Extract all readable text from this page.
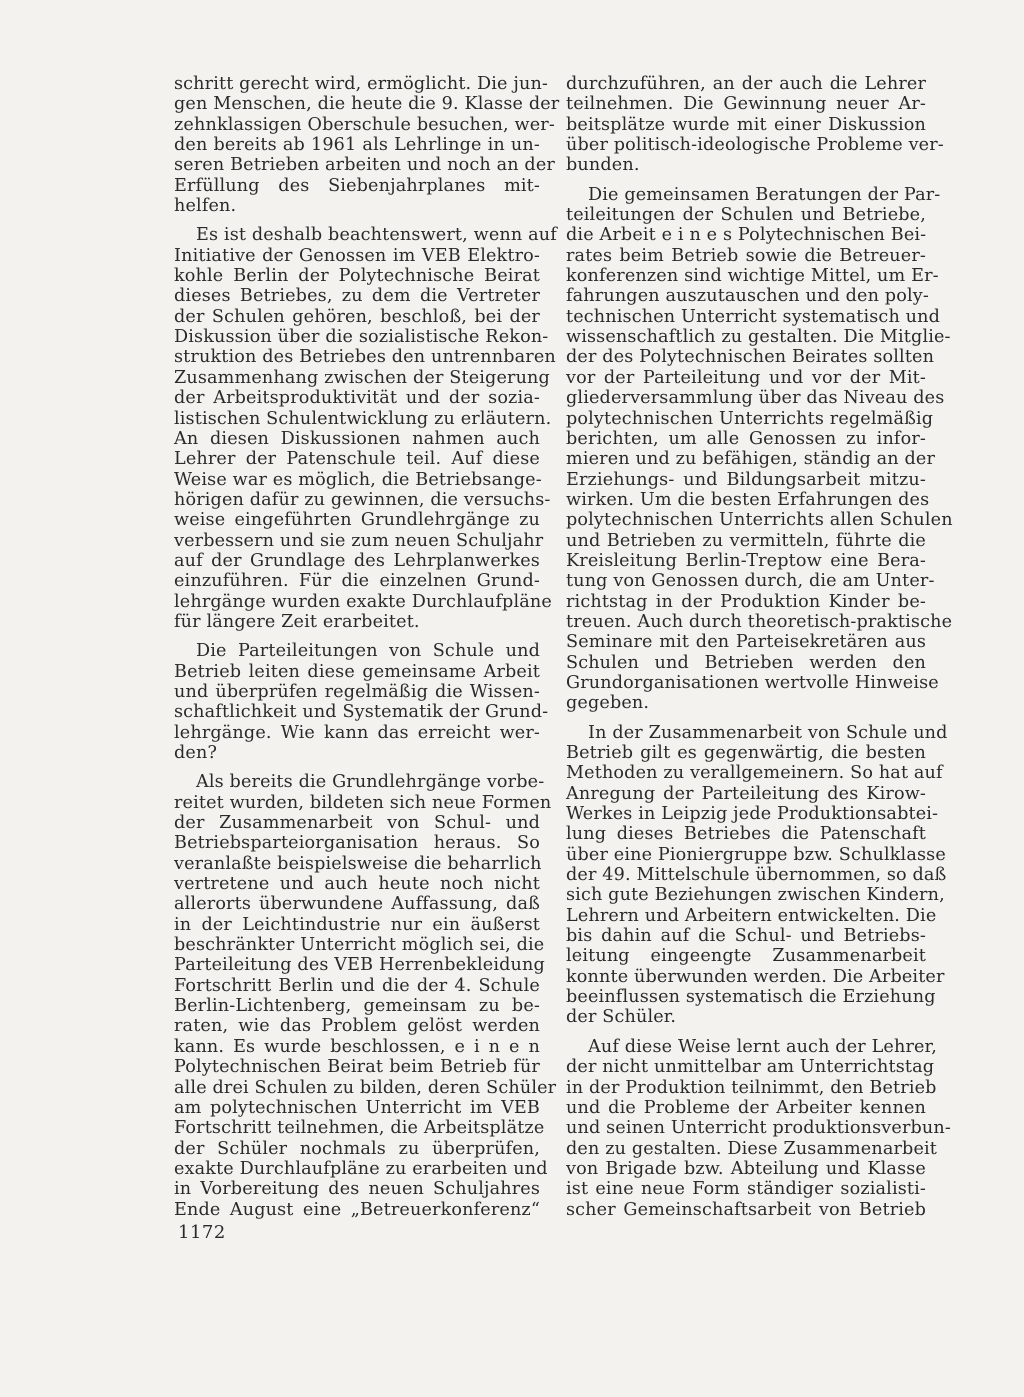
schritt gerecht wird, ermöglicht. Die jun-
gen Menschen, die heute die 9. Klasse der
zehnklassigen Oberschule besuchen, wer-
den bereits ab 1961 als Lehrlinge in un-
seren Betrieben arbeiten und noch an der
Erfüllung des Siebenjahrplanes mit-
helfen.
Es ist deshalb beachtenswert, wenn auf
Initiative der Genossen im VEB Elektro-
kohle Berlin der Polytechnische Beirat
dieses Betriebes, zu dem die Vertreter
der Schulen gehören, beschloß, bei der
Diskussion über die sozialistische Rekon-
struktion des Betriebes den untrennbaren
Zusammenhang zwischen der Steigerung
der Arbeitsproduktivität und der sozia-
listischen Schulentwicklung zu erläutern.
An diesen Diskussionen nahmen auch
Lehrer der Patenschule teil. Auf diese
Weise war es möglich, die Betriebsange-
hörigen dafür zu gewinnen, die versuchs-
weise eingeführten Grundlehrgänge zu
verbessern und sie zum neuen Schuljahr
auf der Grundlage des Lehrplanwerkes
einzuführen. Für die einzelnen Grund-
lehrgänge wurden exakte Durchlaufpläne
für längere Zeit erarbeitet.
Die Parteileitungen von Schule und
Betrieb leiten diese gemeinsame Arbeit
und überprüfen regelmäßig die Wissen-
schaftlichkeit und Systematik der Grund-
lehrgänge. Wie kann das erreicht wer-
den?
Als bereits die Grundlehrgänge vorbe-
reitet wurden, bildeten sich neue Formen
der Zusammenarbeit von Schul- und
Betriebsparteiorganisation heraus. So
veranlaßte beispielsweise die beharrlich
vertretene und auch heute noch nicht
allerorts überwundene Auffassung, daß
in der Leichtindustrie nur ein äußerst
beschränkter Unterricht möglich sei, die
Parteileitung des VEB Herrenbekleidung
Fortschritt Berlin und die der 4. Schule
Berlin-Lichtenberg, gemeinsam zu be-
raten, wie das Problem gelöst werden
kann. Es wurde beschlossen, e i n e n
Polytechnischen Beirat beim Betrieb für
alle drei Schulen zu bilden, deren Schüler
am polytechnischen Unterricht im VEB
Fortschritt teilnehmen, die Arbeitsplätze
der Schüler nochmals zu überprüfen,
exakte Durchlaufpläne zu erarbeiten und
in Vorbereitung des neuen Schuljahres
Ende August eine „Betreuerkonferenz“
durchzuführen, an der auch die Lehrer
teilnehmen. Die Gewinnung neuer Ar-
beitsplätze wurde mit einer Diskussion
über politisch-ideologische Probleme ver-
bunden.
Die gemeinsamen Beratungen der Par-
teileitungen der Schulen und Betriebe,
die Arbeit e i n e s Polytechnischen Bei-
rates beim Betrieb sowie die Betreuer-
konferenzen sind wichtige Mittel, um Er-
fahrungen auszutauschen und den poly-
technischen Unterricht systematisch und
wissenschaftlich zu gestalten. Die Mitglie-
der des Polytechnischen Beirates sollten
vor der Parteileitung und vor der Mit-
gliederversammlung über das Niveau des
polytechnischen Unterrichts regelmäßig
berichten, um alle Genossen zu infor-
mieren und zu befähigen, ständig an der
Erziehungs- und Bildungsarbeit mitzu-
wirken. Um die besten Erfahrungen des
polytechnischen Unterrichts allen Schulen
und Betrieben zu vermitteln, führte die
Kreisleitung Berlin-Treptow eine Bera-
tung von Genossen durch, die am Unter-
richtstag in der Produktion Kinder be-
treuen. Auch durch theoretisch-praktische
Seminare mit den Parteisekretären aus
Schulen und Betrieben werden den
Grundorganisationen wertvolle Hinweise
gegeben.
In der Zusammenarbeit von Schule und
Betrieb gilt es gegenwärtig, die besten
Methoden zu verallgemeinern. So hat auf
Anregung der Parteileitung des Kirow-
Werkes in Leipzig jede Produktionsabtei-
lung dieses Betriebes die Patenschaft
über eine Pioniergruppe bzw. Schulklasse
der 49. Mittelschule übernommen, so daß
sich gute Beziehungen zwischen Kindern,
Lehrern und Arbeitern entwickelten. Die
bis dahin auf die Schul- und Betriebs-
leitung eingeengte Zusammenarbeit
konnte überwunden werden. Die Arbeiter
beeinflussen systematisch die Erziehung
der Schüler.
Auf diese Weise lernt auch der Lehrer,
der nicht unmittelbar am Unterrichtstag
in der Produktion teilnimmt, den Betrieb
und die Probleme der Arbeiter kennen
und seinen Unterricht produktionsverbun-
den zu gestalten. Diese Zusammenarbeit
von Brigade bzw. Abteilung und Klasse
ist eine neue Form ständiger sozialisti-
scher Gemeinschaftsarbeit von Betrieb
1172
